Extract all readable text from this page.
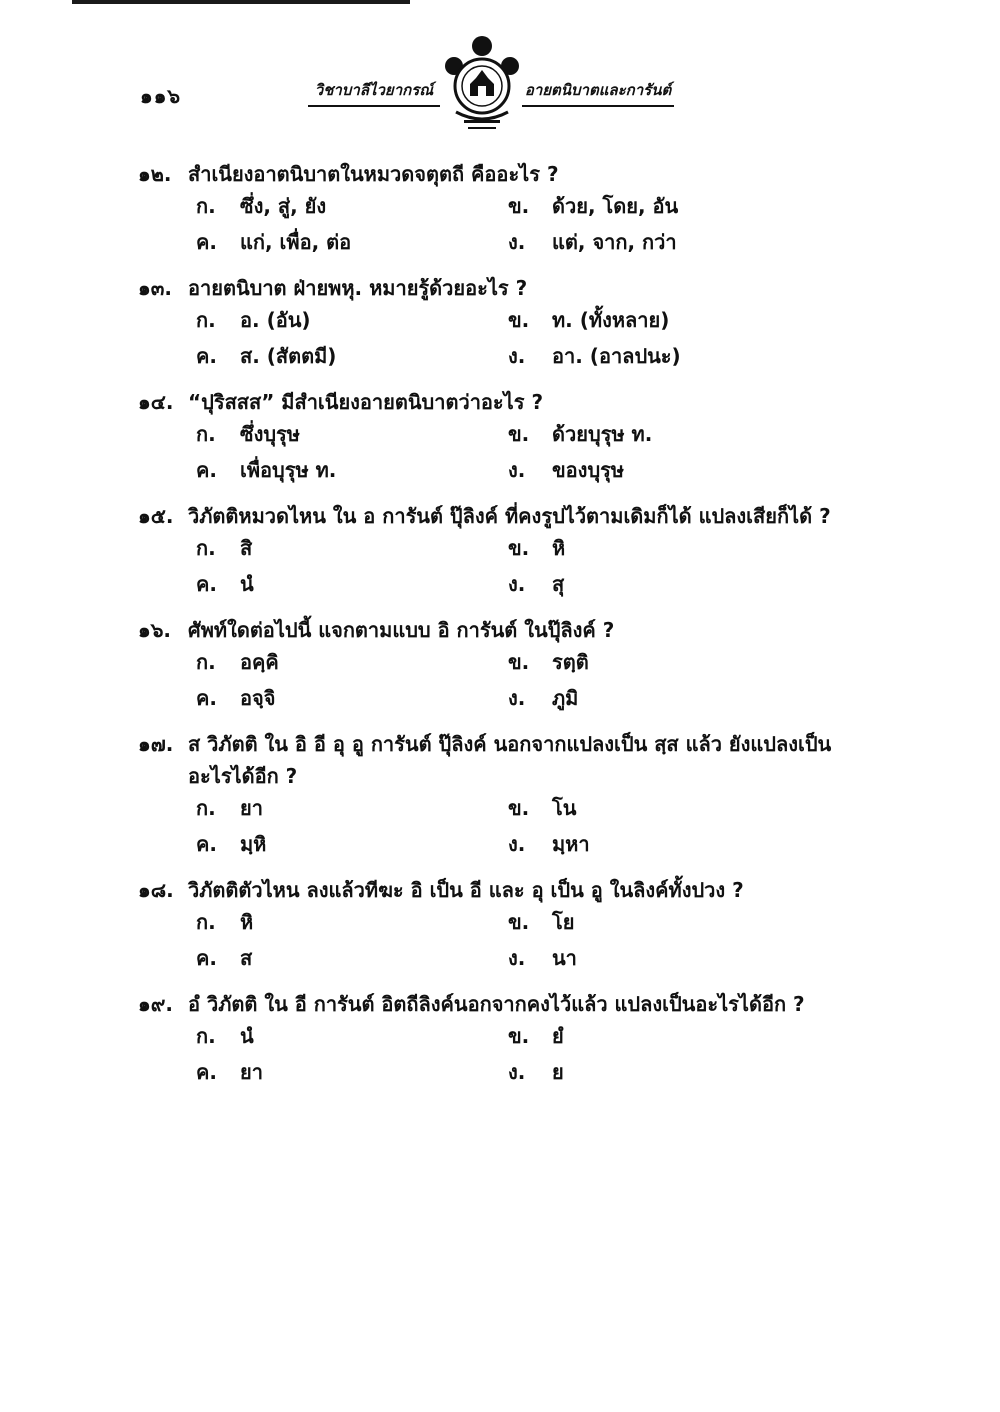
๑๑๖	วิชาบาลีไวยากรณ์	อายตนิบาตและการันต์
๑๒. สำเนียงอาตนิบาตในหมวดจตุตถี คืออะไร ?
ก.	ซึ่ง, สู่, ยัง	ข.	ด้วย, โดย, อัน
ค.	แก่, เพื่อ, ต่อ	ง.	แต่, จาก, กว่า
๑๓. อายตนิบาต ฝ่ายพหุ. หมายรู้ด้วยอะไร ?
ก.	อ. (อัน)	ข.	ท. (ทั้งหลาย)
ค.	ส. (สัตตมี)	ง.	อา. (อาลปนะ)
๑๔. “ปุริสสส” มีสำเนียงอายตนิบาตว่าอะไร ?
ก.	ซึ่งบุรุษ	ข.	ด้วยบุรุษ ท.
ค.	เพื่อบุรุษ ท.	ง.	ของบุรุษ
๑๕. วิภัตติหมวดไหน ใน อ การันต์ ปุ๊ลิงค์ ที่คงรูปไว้ตามเดิมก็ได้ แปลงเสียก็ได้ ?
ก.	สิ	ข.	หิ
ค.	นํ	ง.	สุ
๑๖. ศัพท์ใดต่อไปนี้ แจกตามแบบ อิ การันต์ ในปุ๊ลิงค์ ?
ก.	อคฺคิ	ข.	รตฺติ
ค.	อจฺจิ	ง.	ภูมิ
๑๗. ส วิภัตติ ใน อิ อี อุ อู การันต์ ปุ๊ลิงค์ นอกจากแปลงเป็น สฺส แล้ว ยังแปลงเป็น
อะไรได้อีก ?
ก.	ยา	ข.	โน
ค.	มฺหิ	ง.	มฺหา
๑๘. วิภัตติตัวไหน ลงแล้วทีฆะ อิ เป็น อี และ อุ เป็น อู ในลิงค์ทั้งปวง ?
ก.	หิ	ข.	โย
ค.	ส	ง.	นา
๑๙. อํ วิภัตติ ใน อี การันต์ อิตถีลิงค์นอกจากคงไว้แล้ว แปลงเป็นอะไรได้อีก ?
ก.	นํ	ข.	ยํ
ค.	ยา	ง.	ย
